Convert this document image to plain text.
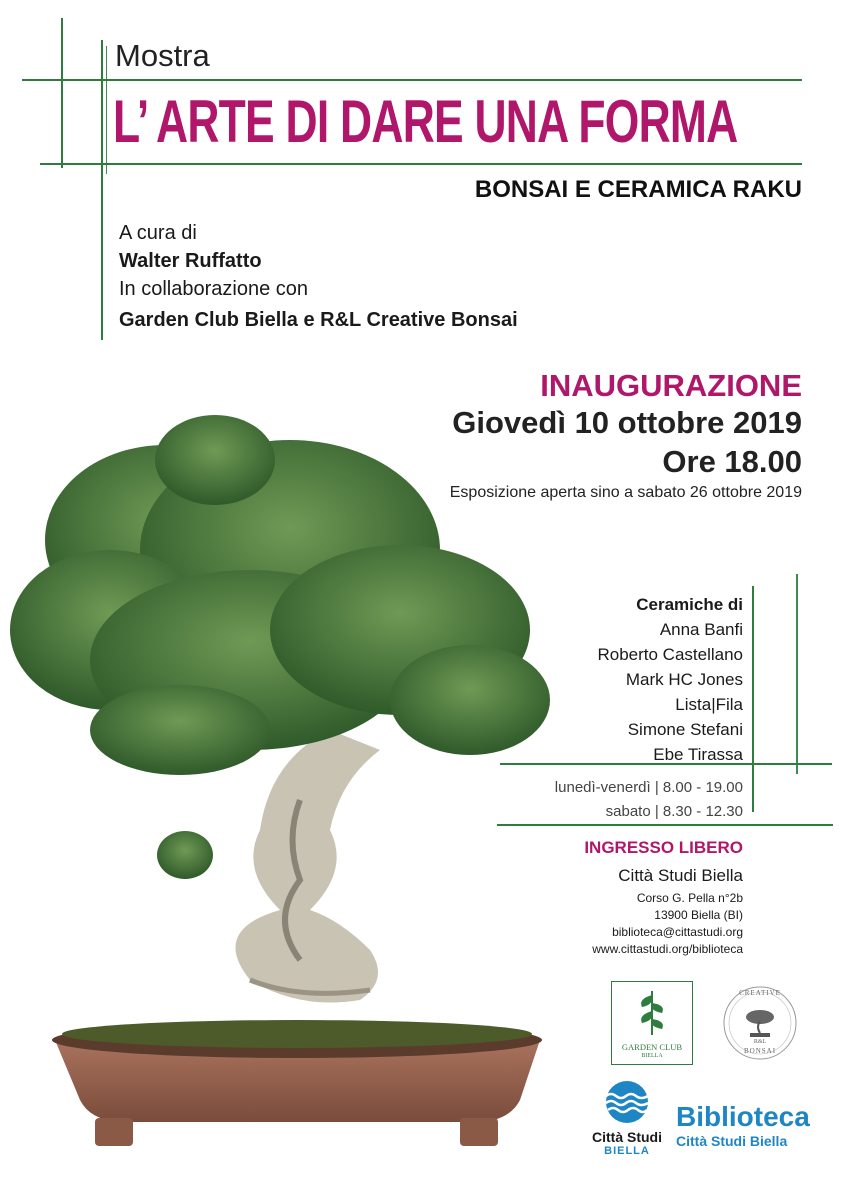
Mostra
L’ ARTE DI DARE UNA FORMA
BONSAI E CERAMICA RAKU
A cura di
Walter Ruffatto
In collaborazione con
Garden Club Biella e R&L Creative Bonsai
INAUGURAZIONE
Giovedì 10 ottobre 2019
Ore 18.00
Esposizione aperta sino a sabato 26 ottobre 2019
Ceramiche di
Anna Banfi
Roberto Castellano
Mark HC Jones
Lista|Fila
Simone Stefani
Ebe Tirassa
lunedì-venerdì | 8.00 - 19.00
sabato | 8.30 - 12.30
INGRESSO LIBERO
Città Studi Biella
Corso G. Pella n°2b
13900 Biella (BI)
biblioteca@cittastudi.org
www.cittastudi.org/biblioteca
GARDEN CLUB
BIELLA
CREATIVE
R&L
BONSAI
Città Studi
BIELLA
Biblioteca
Città Studi Biella
